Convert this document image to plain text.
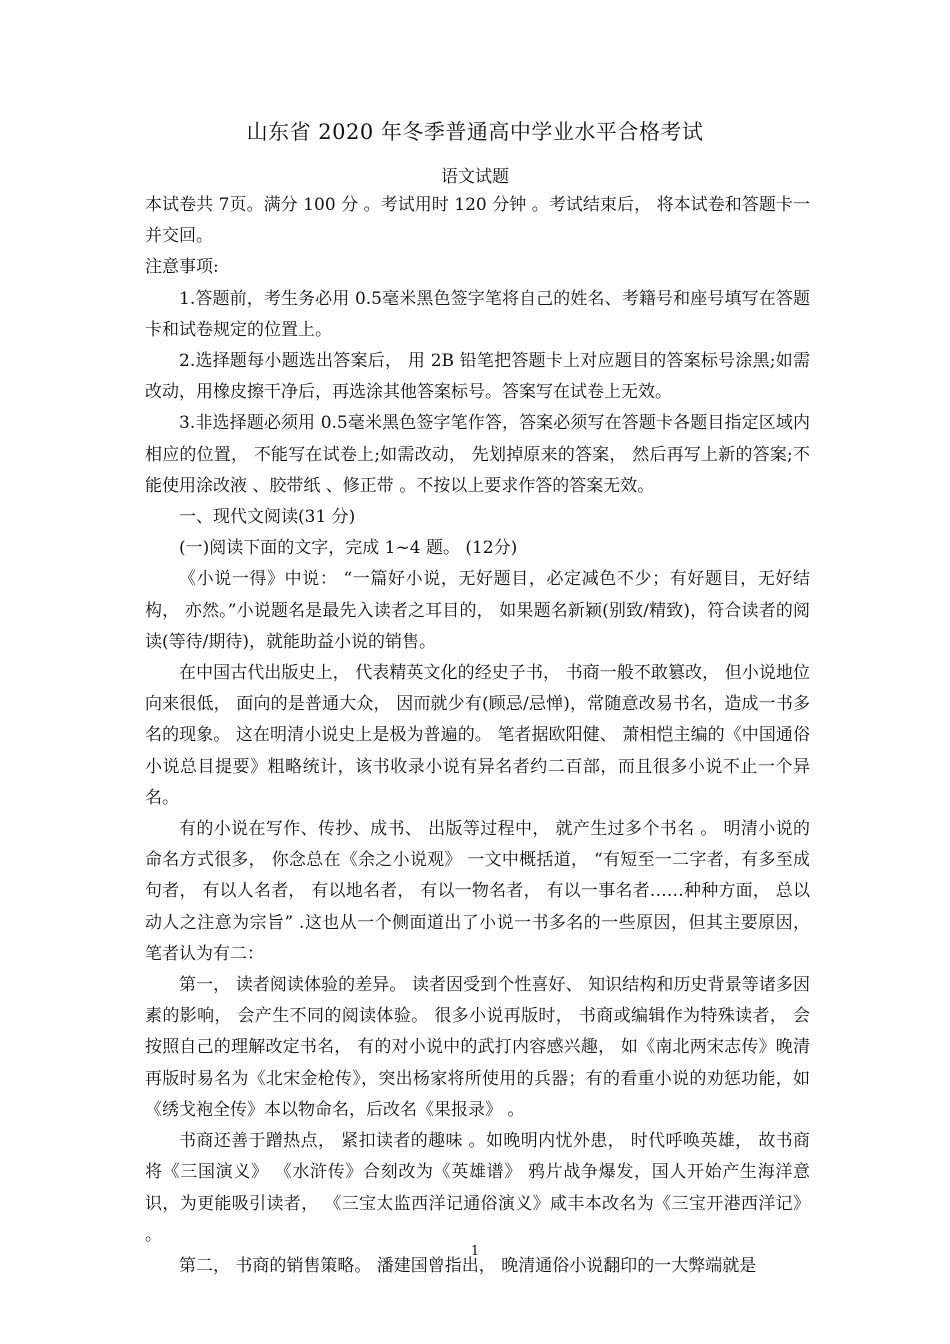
山东省 2020 年冬季普通高中学业水平合格考试
语文试题

本试卷共 7页。满分 100 分 。考试用时 120 分钟 。考试结束后， 将本试卷和答题卡一并交回。

注意事项:

1.答题前，考生务必用 0.5毫米黑色签字笔将自己的姓名、考籍号和座号填写在答题卡和试卷规定的位置上。

2.选择题每小题选出答案后， 用 2B 铅笔把答题卡上对应题目的答案标号涂黑;如需改动，用橡皮擦干净后，再选涂其他答案标号。答案写在试卷上无效。

3.非选择题必须用 0.5毫米黑色签字笔作答，答案必须写在答题卡各题目指定区域内相应的位置， 不能写在试卷上;如需改动， 先划掉原来的答案， 然后再写上新的答案;不能使用涂改液 、胶带纸 、修正带 。不按以上要求作答的答案无效。

一、现代文阅读(31 分)

(一)阅读下面的文字，完成 1~4 题。 (12分)

《小说一得》中说： “一篇好小说，无好题目，必定减色不少；有好题目，无好结构， 亦然。”小说题名是最先入读者之耳目的， 如果题名新颖(别致/精致)，符合读者的阅读(等待/期待)，就能助益小说的销售。

在中国古代出版史上， 代表精英文化的经史子书， 书商一般不敢篡改， 但小说地位向来很低， 面向的是普通大众， 因而就少有(顾忌/忌惮)，常随意改易书名，造成一书多名的现象。 这在明清小说史上是极为普遍的。 笔者据欧阳健、 萧相恺主编的《中国通俗小说总目提要》粗略统计，该书收录小说有异名者约二百部，而且很多小说不止一个异名。

有的小说在写作、传抄、成书、 出版等过程中， 就产生过多个书名 。 明清小说的命名方式很多， 你念总在《余之小说观》 一文中概括道， “有短至一二字者，有多至成句者， 有以人名者， 有以地名者， 有以一物名者， 有以一事名者……种种方面， 总以动人之注意为宗旨” .这也从一个侧面道出了小说一书多名的一些原因，但其主要原因，笔者认为有二：

第一， 读者阅读体验的差异。 读者因受到个性喜好、 知识结构和历史背景等诸多因素的影响， 会产生不同的阅读体验。 很多小说再版时， 书商或编辑作为特殊读者， 会按照自己的理解改定书名， 有的对小说中的武打内容感兴趣， 如《南北两宋志传》晚清再版时易名为《北宋金枪传》，突出杨家将所使用的兵器；有的看重小说的劝惩功能，如《绣戈袍全传》本以物命名，后改名《果报录》 。

书商还善于蹭热点， 紧扣读者的趣味 。如晚明内忧外患， 时代呼唤英雄， 故书商将《三国演义》 《水浒传》合刻改为《英雄谱》 鸦片战争爆发，国人开始产生海洋意识，为更能吸引读者， 《三宝太监西洋记通俗演义》咸丰本改名为《三宝开港西洋记》 。

第二， 书商的销售策略。 潘建国曾指出， 晚清通俗小说翻印的一大弊端就是

1
